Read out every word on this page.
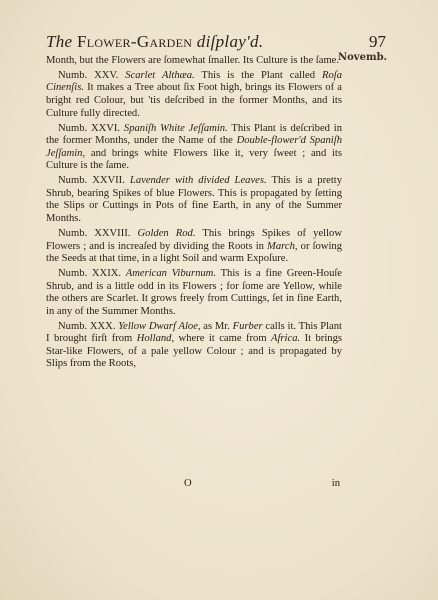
The Flower-Garden diſplay'd.	97
Novemb.

Month, but the Flowers are ſomewhat ſmaller. Its Culture is the ſame.

Numb. XXV. Scarlet Althæa. This is the Plant called Roſa Cinenſis. It makes a Tree about ſix Foot high, brings its Flowers of a bright red Colour, but 'tis deſcribed in the former Months, and its Culture fully directed.

Numb. XXVI. Spaniſh White Jeſſamin. This Plant is deſcribed in the former Months, under the Name of the Double-flower'd Spaniſh Jeſſamin, and brings white Flowers like it, very ſweet ; and its Culture is the ſame.

Numb. XXVII. Lavender with divided Leaves. This is a pretty Shrub, bearing Spikes of blue Flowers. This is propagated by ſetting the Slips or Cuttings in Pots of fine Earth, in any of the Summer Months.

Numb. XXVIII. Golden Rod. This brings Spikes of yellow Flowers ; and is increaſed by dividing the Roots in March, or ſowing the Seeds at that time, in a light Soil and warm Expoſure.

Numb. XXIX. American Viburnum. This is a fine Green-Houſe Shrub, and is a little odd in its Flowers ; for ſome are Yellow, while the others are Scarlet. It grows freely from Cuttings, ſet in fine Earth, in any of the Summer Months.

Numb. XXX. Yellow Dwarf Aloe, as Mr. Furber calls it. This Plant I brought firſt from Holland, where it came from Africa. It brings Star-like Flowers, of a pale yellow Colour ; and is propagated by Slips from the Roots,

O	in
